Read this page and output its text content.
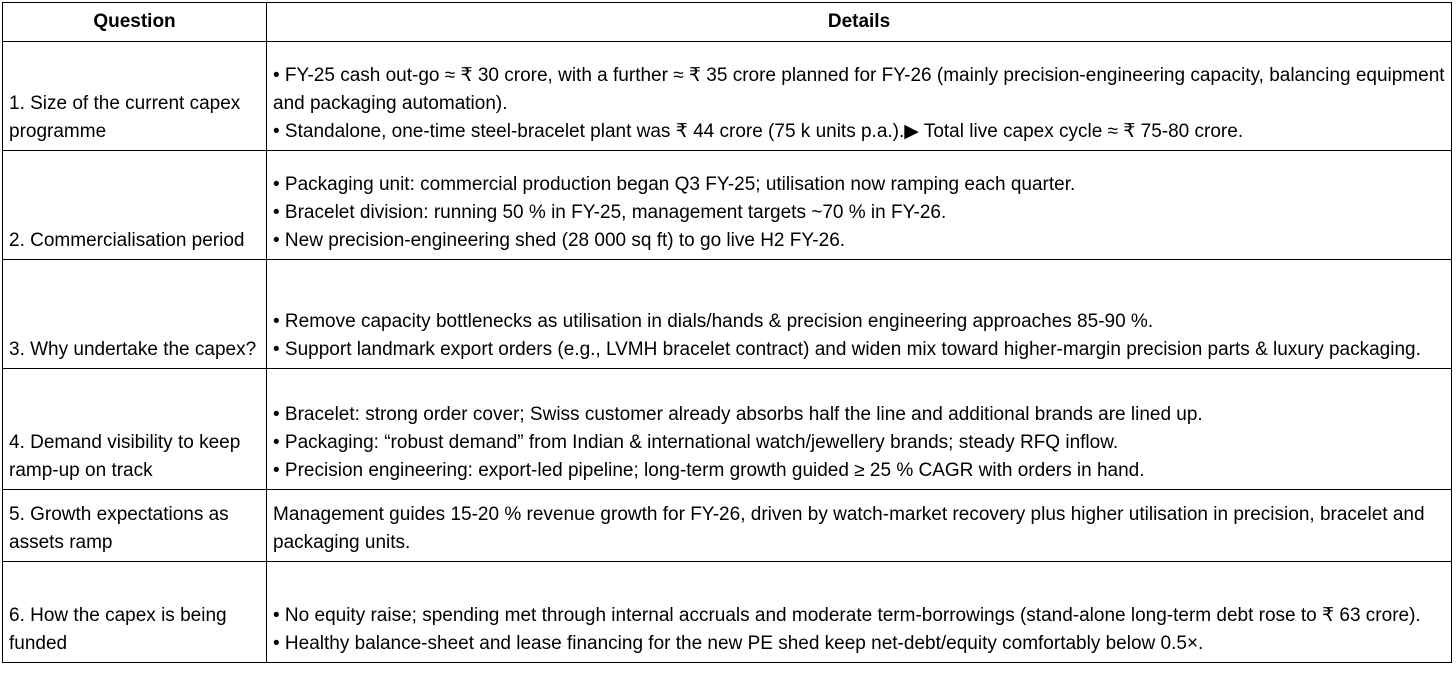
Question	Details
1. Size of the current capex programme	• FY-25 cash out-go ≈ ₹ 30 crore, with a further ≈ ₹ 35 crore planned for FY-26 (mainly precision-engineering capacity, balancing equipment and packaging automation).
• Standalone, one-time steel-bracelet plant was ₹ 44 crore (75 k units p.a.).▶ Total live capex cycle ≈ ₹ 75-80 crore.

2. Commercialisation period	• Packaging unit: commercial production began Q3 FY-25; utilisation now ramping each quarter.
• Bracelet division: running 50 % in FY-25, management targets ~70 % in FY-26.
• New precision-engineering shed (28 000 sq ft) to go live H2 FY-26.

3. Why undertake the capex?	• Remove capacity bottlenecks as utilisation in dials/hands & precision engineering approaches 85-90 %.
• Support landmark export orders (e.g., LVMH bracelet contract) and widen mix toward higher-margin precision parts & luxury packaging.

4. Demand visibility to keep ramp-up on track	• Bracelet: strong order cover; Swiss customer already absorbs half the line and additional brands are lined up.
• Packaging: “robust demand” from Indian & international watch/jewellery brands; steady RFQ inflow.
• Precision engineering: export-led pipeline; long-term growth guided ≥ 25 % CAGR with orders in hand.

5. Growth expectations as assets ramp	Management guides 15-20 % revenue growth for FY-26, driven by watch-market recovery plus higher utilisation in precision, bracelet and packaging units.

6. How the capex is being funded	• No equity raise; spending met through internal accruals and moderate term-borrowings (stand-alone long-term debt rose to ₹ 63 crore).
• Healthy balance-sheet and lease financing for the new PE shed keep net-debt/equity comfortably below 0.5×.
